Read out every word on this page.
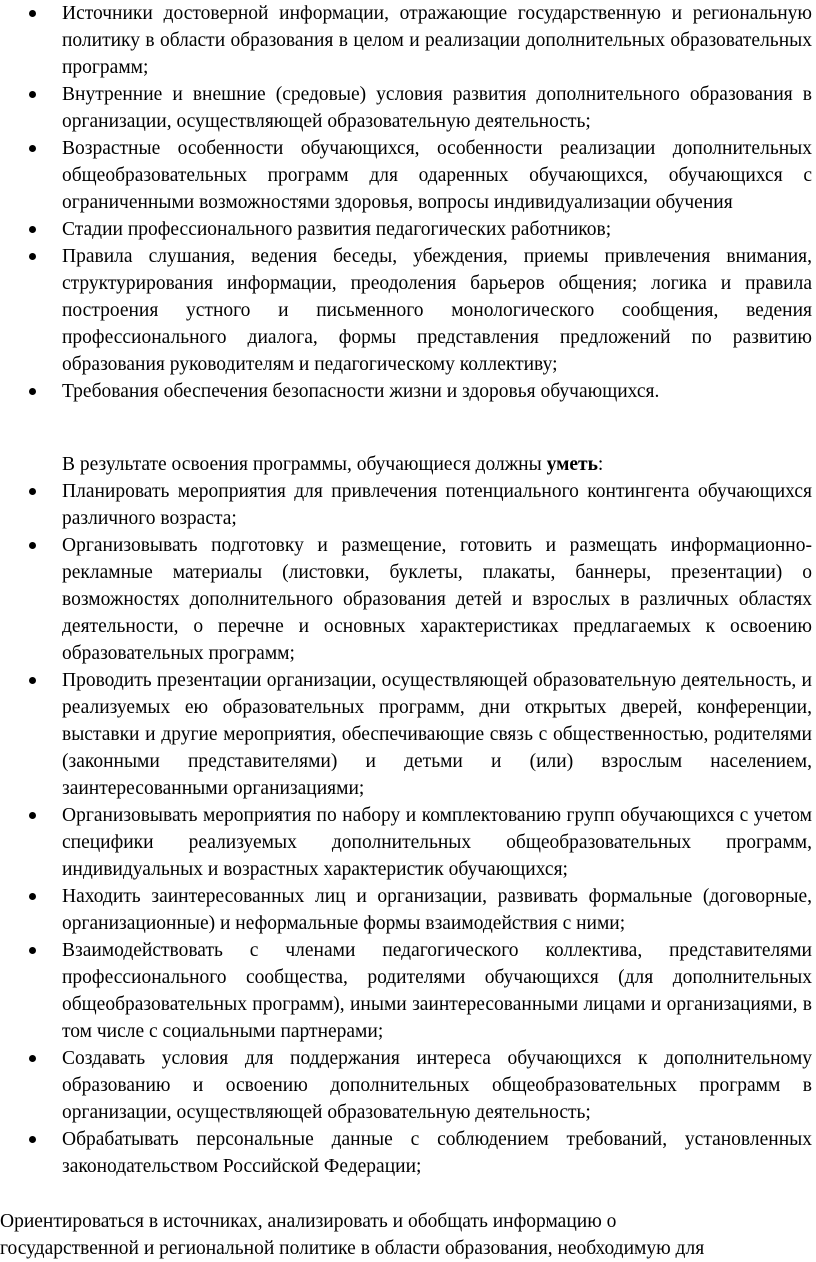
Источники достоверной информации, отражающие государственную и региональную политику в области образования в целом и реализации дополнительных образовательных программ;
Внутренние и внешние (средовые) условия развития дополнительного образования в организации, осуществляющей образовательную деятельность;
Возрастные особенности обучающихся, особенности реализации дополнительных общеобразовательных программ для одаренных обучающихся, обучающихся с ограниченными возможностями здоровья, вопросы индивидуализации обучения
Стадии профессионального развития педагогических работников;
Правила слушания, ведения беседы, убеждения, приемы привлечения внимания, структурирования информации, преодоления барьеров общения; логика и правила построения устного и письменного монологического сообщения, ведения профессионального диалога, формы представления предложений по развитию образования руководителям и педагогическому коллективу;
Требования обеспечения безопасности жизни и здоровья обучающихся.

В результате освоения программы, обучающиеся должны уметь:

Планировать мероприятия для привлечения потенциального контингента обучающихся различного возраста;
Организовывать подготовку и размещение, готовить и размещать информационно-рекламные материалы (листовки, буклеты, плакаты, баннеры, презентации) о возможностях дополнительного образования детей и взрослых в различных областях деятельности, о перечне и основных характеристиках предлагаемых к освоению образовательных программ;
Проводить презентации организации, осуществляющей образовательную деятельность, и реализуемых ею образовательных программ, дни открытых дверей, конференции, выставки и другие мероприятия, обеспечивающие связь с общественностью, родителями (законными представителями) и детьми и (или) взрослым населением, заинтересованными организациями;
Организовывать мероприятия по набору и комплектованию групп обучающихся с учетом специфики реализуемых дополнительных общеобразовательных программ, индивидуальных и возрастных характеристик обучающихся;
Находить заинтересованных лиц и организации, развивать формальные (договорные, организационные) и неформальные формы взаимодействия с ними;
Взаимодействовать с членами педагогического коллектива, представителями профессионального сообщества, родителями обучающихся (для дополнительных общеобразовательных программ), иными заинтересованными лицами и организациями, в том числе с социальными партнерами;
Создавать условия для поддержания интереса обучающихся к дополнительному образованию и освоению дополнительных общеобразовательных программ в организации, осуществляющей образовательную деятельность;
Обрабатывать персональные данные с соблюдением требований, установленных законодательством Российской Федерации;

Ориентироваться в источниках, анализировать и обобщать информацию о
государственной и региональной политике в области образования, необходимую для
